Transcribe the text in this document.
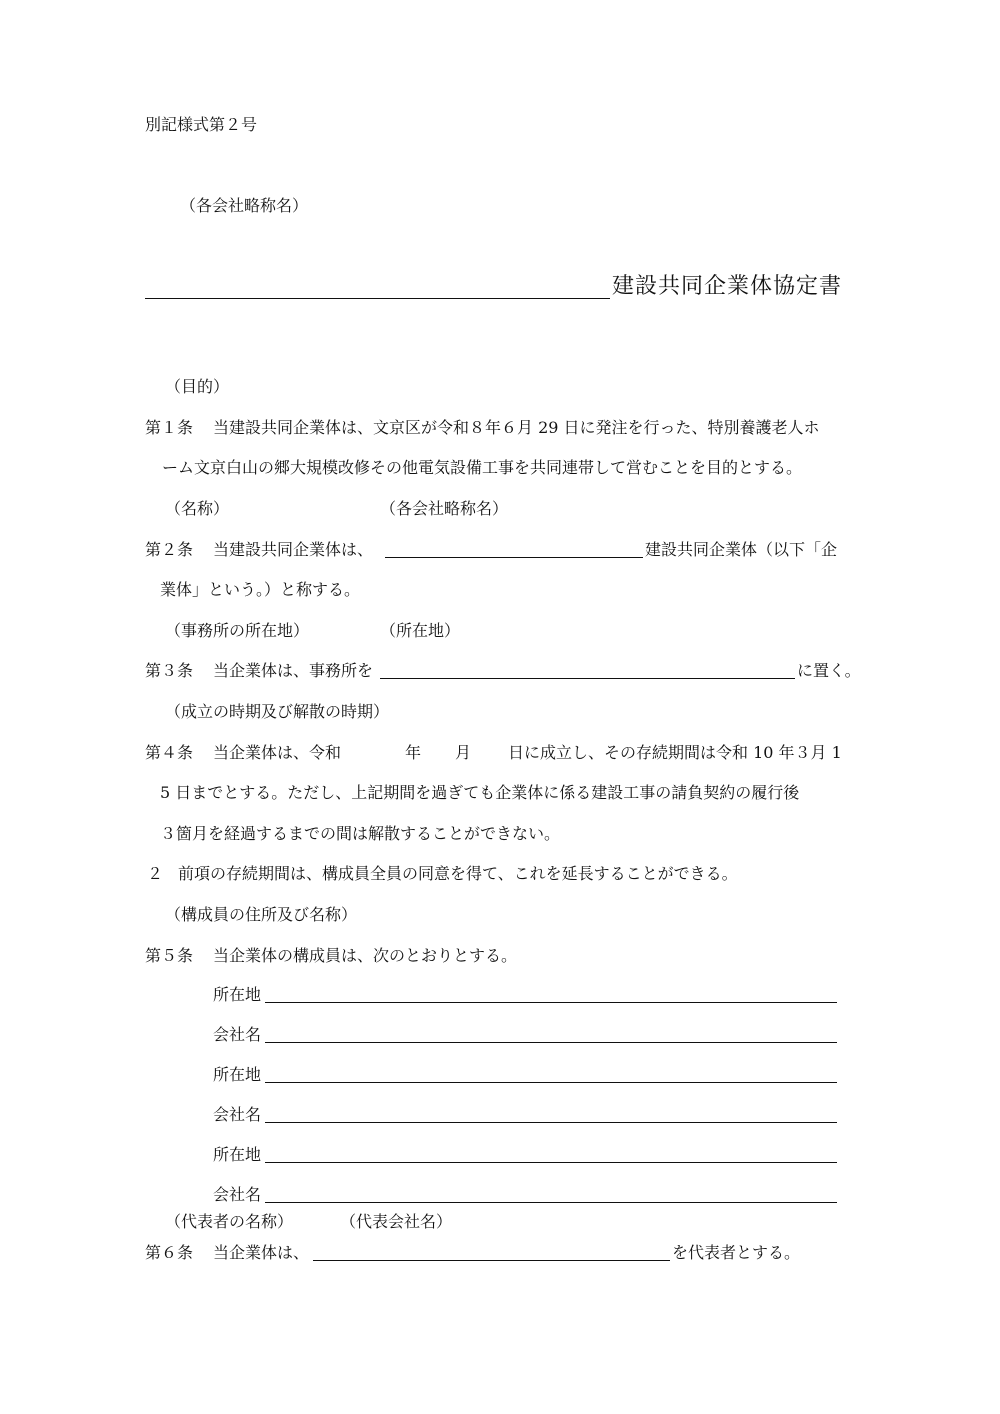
別記様式第２号
（各会社略称名）
建設共同企業体協定書
（目的）
第１条 当建設共同企業体は、文京区が令和８年６月 29 日に発注を行った、特別養護老人ホ
ーム文京白山の郷大規模改修その他電気設備工事を共同連帯して営むことを目的とする。
（名称）	（各会社略称名）
第２条 当建設共同企業体は、	建設共同企業体（以下「企
業体」という。）と称する。
（事務所の所在地）	（所在地）
第３条 当企業体は、事務所を	に置く。
（成立の時期及び解散の時期）
第４条 当企業体は、令和	年 月 日に成立し、その存続期間は令和 10 年３月 1
5 日までとする。ただし、上記期間を過ぎても企業体に係る建設工事の請負契約の履行後
３箇月を経過するまでの間は解散することができない。
２ 前項の存続期間は、構成員全員の同意を得て、これを延長することができる。
（構成員の住所及び名称）
第５条 当企業体の構成員は、次のとおりとする。
所在地
会社名
所在地
会社名
所在地
会社名
（代表者の名称）	（代表会社名）
第６条 当企業体は、	を代表者とする。
